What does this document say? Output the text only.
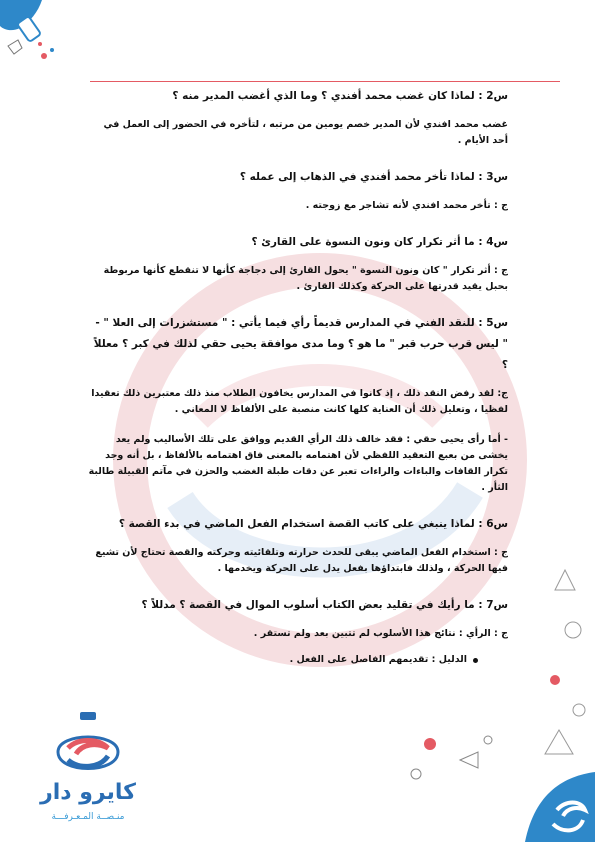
س2 : لماذا كان غضب محمد أفندي ؟ وما الذي أغضب المدير منه ؟

غضب محمد افندي لأن المدير خصم يومين من مرتبه ، لتأخره في الحضور إلى العمل في أحد الأيام .

س3 : لماذا تأخر محمد أفندي في الذهاب إلى عمله ؟

ج : تأخر محمد افندي لأنه تشاجر مع زوجته .

س4 : ما أثر تكرار كان ونون النسوة على القارئ ؟

ج : أثر تكرار " كان ونون النسوة " يحول القارئ إلى دجاجة كأنها لا تنقطع كأنها مربوطة بحبل يقيد قدرتها على الحركة وكذلك القارئ .

س5 : للنقد الفني في المدارس قديماً رأي فيما يأتي : " مستشزرات إلى العلا " - " ليس قرب حرب قبر " ما هو ؟ وما مدى موافقة يحيى حقي لذلك في كبر ؟ معللاً ؟

ج: لقد رفض النقد ذلك ، إذ كانوا في المدارس يخافون الطلاب منذ ذلك معتبرين ذلك تعقيدا لفظيا ، وتعليل ذلك أن العناية كلها كانت منصبة على الألفاظ لا المعاني .

- أما رأى يحيى حقي : فقد خالف ذلك الرأي القديم ووافق على تلك الأساليب ولم يعد يخشى من بعبع التعقيد اللفظي لأن اهتمامه بالمعنى فاق اهتمامه بالألفاظ ، بل أنه وجد تكرار القافات والباءات والراءات تعبر عن دقات طبلة الغضب والحزن في مآتم القبيلة طالبة الثأر .

س6 : لماذا ينبغي على كاتب القصة استخدام الفعل الماضي في بدء القصة ؟

ج : استخدام الفعل الماضي يبقى للحدث حرارته وتلقائيته وحركته والقصة تحتاج لأن تشيع فيها الحركة ، ولذلك فابتداؤها بفعل يدل على الحركة ويخدمها .

س7 : ما رأيك في تقليد بعض الكتاب أسلوب الموال في القصة ؟ مدللاً ؟

ج : الرأي : نتائج هذا الأسلوب لم تتبين بعد ولم تستقر .

الدليل : تقديمهم الفاصل على الفعل .
كايرو دار
منـصــة المـعـرفـــة
